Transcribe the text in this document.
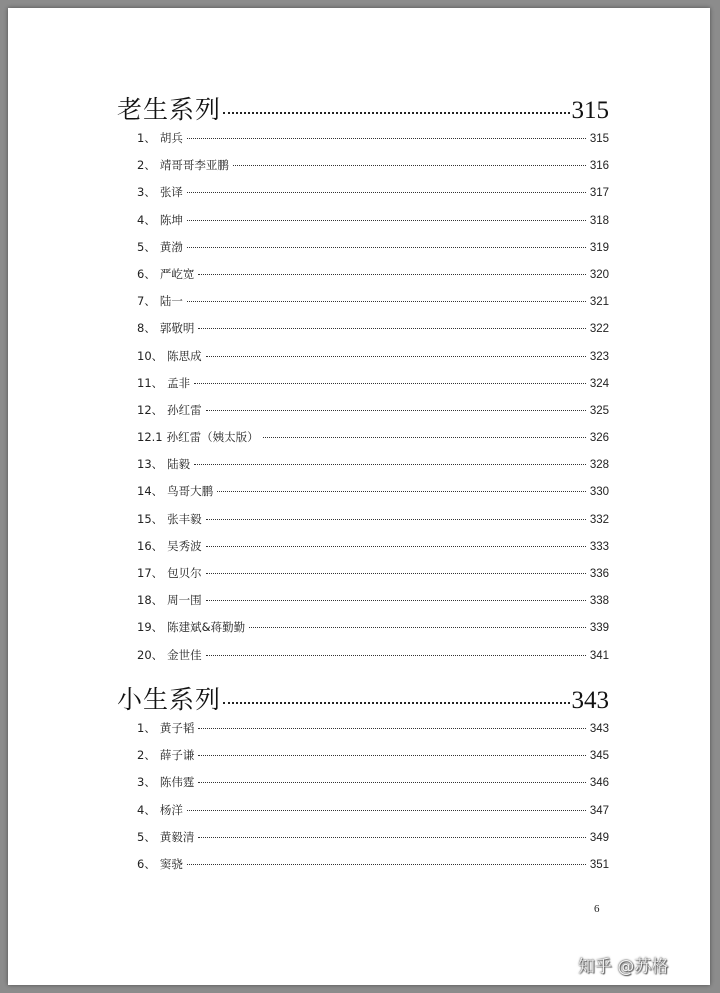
老生系列	315
1、 胡兵	315
2、 靖哥哥李亚鹏	316
3、 张译	317
4、 陈坤	318
5、 黄渤	319
6、 严屹宽	320
7、 陆一	321
8、 郭敬明	322
10、 陈思成	323
11、 孟非	324
12、 孙红雷	325
12.1 孙红雷（姨太版）	326
13、 陆毅	328
14、 鸟哥大鹏	330
15、 张丰毅	332
16、 吴秀波	333
17、 包贝尔	336
18、 周一围	338
19、 陈建斌&蒋勤勤	339
20、 金世佳	341
小生系列	343
1、 黄子韬	343
2、 薛子谦	345
3、 陈伟霆	346
4、 杨洋	347
5、 黄毅清	349
6、 窦骁	351
6
知乎 @苏格
